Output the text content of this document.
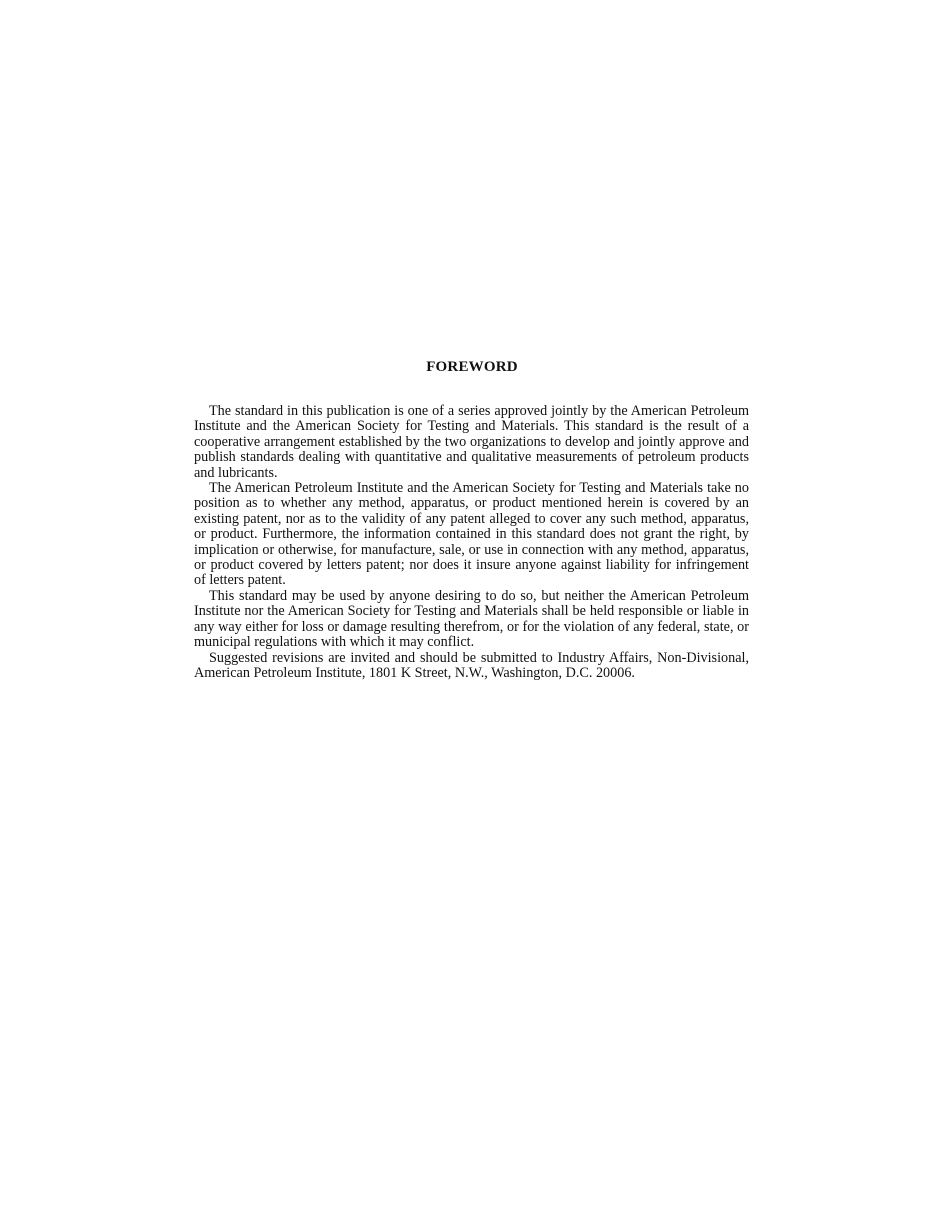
FOREWORD

The standard in this publication is one of a series approved jointly by the American Petroleum Institute and the American Society for Testing and Materials. This standard is the result of a cooperative arrangement established by the two organizations to develop and jointly approve and publish standards dealing with quantitative and qualitative measurements of petroleum products and lubricants.

The American Petroleum Institute and the American Society for Testing and Materials take no position as to whether any method, apparatus, or product mentioned herein is covered by an existing patent, nor as to the validity of any patent alleged to cover any such method, apparatus, or product. Furthermore, the information contained in this standard does not grant the right, by implication or otherwise, for manufacture, sale, or use in connection with any method, apparatus, or product covered by letters patent; nor does it insure anyone against liability for infringement of letters patent.

This standard may be used by anyone desiring to do so, but neither the American Petroleum Institute nor the American Society for Testing and Materials shall be held responsible or liable in any way either for loss or damage resulting therefrom, or for the violation of any federal, state, or municipal regulations with which it may conflict.

Suggested revisions are invited and should be submitted to Industry Affairs, Non-Divisional, American Petroleum Institute, 1801 K Street, N.W., Washington, D.C. 20006.
